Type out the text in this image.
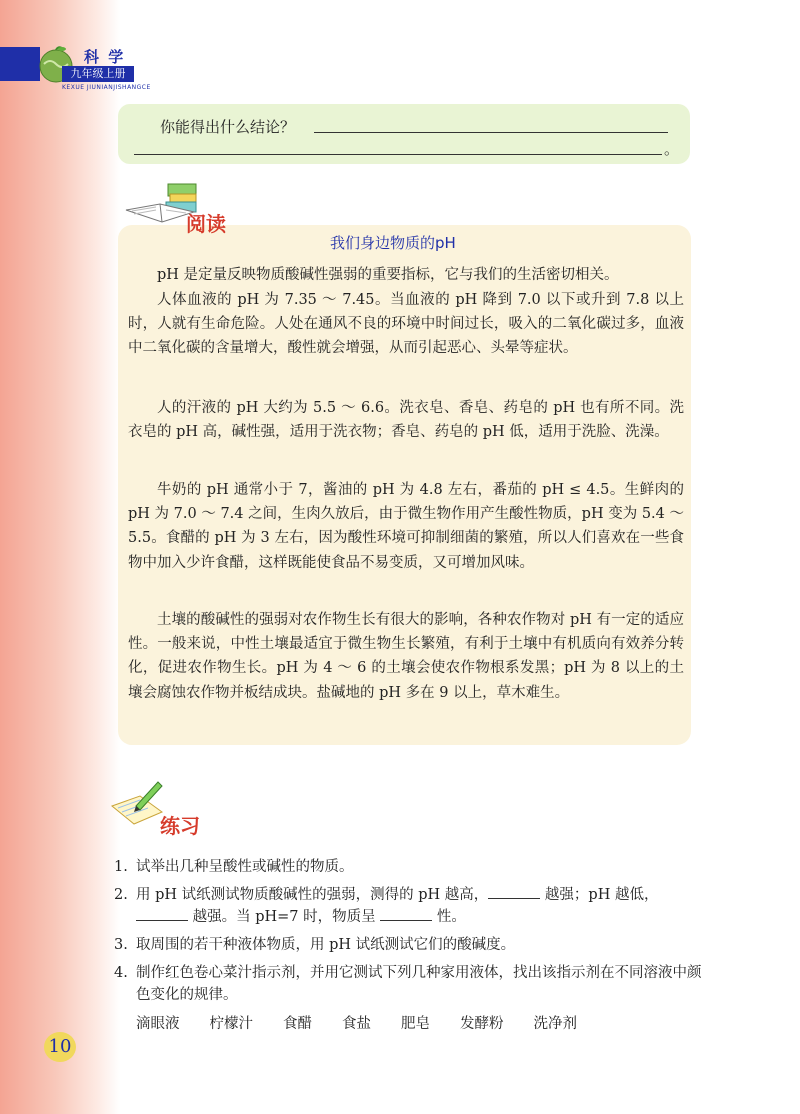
科 学
九年级上册
KEXUE JIUNIANJISHANGCE
你能得出什么结论？
。
阅读
我们身边物质的pH

pH 是定量反映物质酸碱性强弱的重要指标，它与我们的生活密切相关。

人体血液的 pH 为 7.35 ～ 7.45。当血液的 pH 降到 7.0 以下或升到 7.8 以上时，人就有生命危险。人处在通风不良的环境中时间过长，吸入的二氧化碳过多，血液中二氧化碳的含量增大，酸性就会增强，从而引起恶心、头晕等症状。

人的汗液的 pH 大约为 5.5 ～ 6.6。洗衣皂、香皂、药皂的 pH 也有所不同。洗衣皂的 pH 高，碱性强，适用于洗衣物；香皂、药皂的 pH 低，适用于洗脸、洗澡。

牛奶的 pH 通常小于 7，酱油的 pH 为 4.8 左右，番茄的 pH ≤ 4.5。生鲜肉的 pH 为 7.0 ～ 7.4 之间，生肉久放后，由于微生物作用产生酸性物质，pH 变为 5.4 ～ 5.5。食醋的 pH 为 3 左右，因为酸性环境可抑制细菌的繁殖，所以人们喜欢在一些食物中加入少许食醋，这样既能使食品不易变质，又可增加风味。

土壤的酸碱性的强弱对农作物生长有很大的影响，各种农作物对 pH 有一定的适应性。一般来说，中性土壤最适宜于微生物生长繁殖，有利于土壤中有机质向有效养分转化，促进农作物生长。pH 为 4 ～ 6 的土壤会使农作物根系发黑；pH 为 8 以上的土壤会腐蚀农作物并板结成块。盐碱地的 pH 多在 9 以上，草木难生。

练习
1. 试举出几种呈酸性或碱性的物质。
2. 用 pH 试纸测试物质酸碱性的强弱，测得的 pH 越高，	越强；pH 越低， 越强。当 pH=7 时，物质呈	性。
3. 取周围的若干种液体物质，用 pH 试纸测试它们的酸碱度。
4. 制作红色卷心菜汁指示剂，并用它测试下列几种家用液体，找出该指示剂在不同溶液中颜色变化的规律。
滴眼液 柠檬汁 食醋 食盐 肥皂 发酵粉 洗净剂
10
